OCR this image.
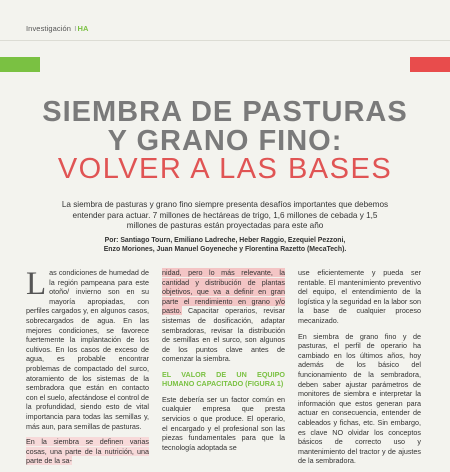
Investigación IHA
SIEMBRA DE PASTURAS
Y GRANO FINO:
VOLVER A LAS BASES
La siembra de pasturas y grano fino siempre presenta desafíos importantes que debemos entender para actuar. 7 millones de hectáreas de trigo, 1,6 millones de cebada y 1,5 millones de pasturas están proyectadas para este año
Por: Santiago Tourn, Emiliano Ladreche, Heber Raggio, Ezequiel Pezzoni,
Enzo Moriones, Juan Manuel Goyeneche y Florentina Razetto (MecaTech).

L as condiciones de humedad de la región pampeana para este otoño/ invierno son en su mayoría apropiadas, con perfiles cargados y, en algunos casos, sobrecargados de agua. En las mejores condiciones, se favorece fuertemente la implantación de los cultivos. En los casos de exceso de agua, es probable encontrar problemas de compactado del surco, atoramiento de los sistemas de la sembradora que están en contacto con el suelo, afectándose el control de la profundidad, siendo esto de vital importancia para todas las semillas y, más aun, para semillas de pasturas.

En la siembra se definen varias cosas, una parte de la nutrición, una parte de la sa-

nidad, pero lo más relevante, la cantidad y distribución de plantas objetivos, que va a definir en gran parte el rendimiento en grano y/o pasto. Capacitar operarios, revisar sistemas de dosificación, adaptar sembradoras, revisar la distribución de semillas en el surco, son algunos de los puntos clave antes de comenzar la siembra.

EL VALOR DE UN EQUIPO HUMANO CAPACITADO (FIGURA 1)

Este debería ser un factor común en cualquier empresa que presta servicios o que produce. El operario, el encargado y el profesional son las piezas fundamentales para que la tecnología adoptada se

use eficientemente y pueda ser rentable. El mantenimiento preventivo del equipo, el entendimiento de la logística y la seguridad en la labor son la base de cualquier proceso mecanizado.

En siembra de grano fino y de pasturas, el perfil de operario ha cambiado en los últimos años, hoy además de los básico del funcionamiento de la sembradora, deben saber ajustar parámetros de monitores de siembra e interpretar la información que estos generan para actuar en consecuencia, entender de cableados y fichas, etc. Sin embargo, es clave NO olvidar los conceptos básicos de correcto uso y mantenimiento del tractor y de ajustes de la sembradora.
